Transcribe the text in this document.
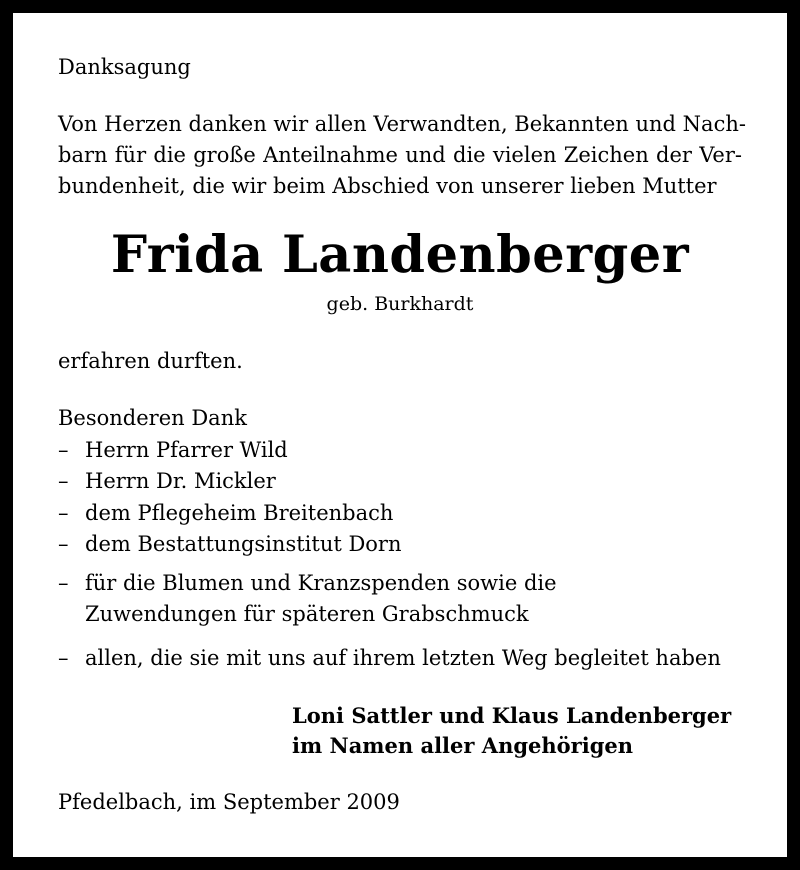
Danksagung

Von Herzen danken wir allen Verwandten, Bekannten und Nach-

barn für die große Anteilnahme und die vielen Zeichen der Ver-

bundenheit, die wir beim Abschied von unserer lieben Mutter

Frida Landenberger

geb. Burkhardt

erfahren durften.

Besonderen Dank

– Herrn Pfarrer Wild

– Herrn Dr. Mickler

– dem Pflegeheim Breitenbach

– dem Bestattungsinstitut Dorn

– für die Blumen und Kranzspenden sowie die

Zuwendungen für späteren Grabschmuck

– allen, die sie mit uns auf ihrem letzten Weg begleitet haben

Loni Sattler und Klaus Landenberger

im Namen aller Angehörigen

Pfedelbach, im September 2009
